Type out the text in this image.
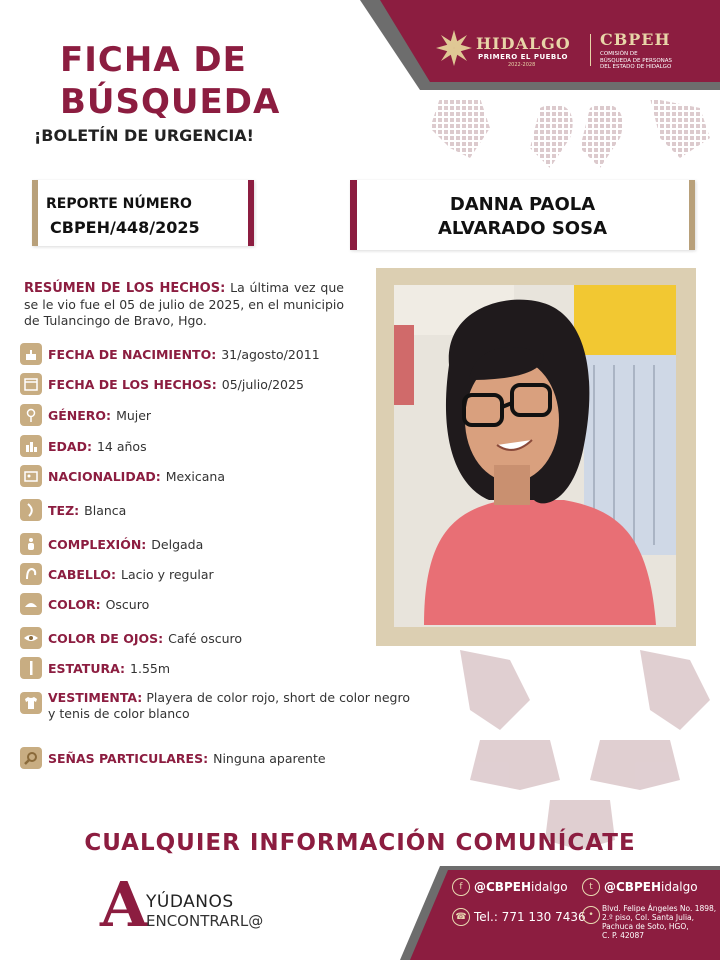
HIDALGO
PRIMERO EL PUEBLO
2022-2028
CBPEH
COMISIÓN DE
BÚSQUEDA DE PERSONAS
DEL ESTADO DE HIDALGO
FICHA DE
BÚSQUEDA
¡BOLETÍN DE URGENCIA!
REPORTE NÚMERO
CBPEH/448/2025
DANNA PAOLA
ALVARADO SOSA
RESÚMEN DE LOS HECHOS: La última vez que se le vio fue el 05 de julio de 2025, en el municipio de Tulancingo de Bravo, Hgo.
FECHA DE NACIMIENTO: 31/agosto/2011
FECHA DE LOS HECHOS: 05/julio/2025
GÉNERO: Mujer
EDAD: 14 años
NACIONALIDAD: Mexicana
TEZ: Blanca
COMPLEXIÓN: Delgada
CABELLO: Lacio y regular
COLOR: Oscuro
COLOR DE OJOS: Café oscuro
ESTATURA: 1.55m
VESTIMENTA: Playera de color rojo, short de color negro y tenis de color blanco
SEÑAS PARTICULARES: Ninguna aparente
CUALQUIER INFORMACIÓN COMUNÍCATE
A
YÚDANOS
ENCONTRARL@
f @CBPEH idalgo	t @CBPEH idalgo
☎ Tel.: 771 130 7436 •
Blvd. Felipe Ángeles No. 1898,
2.º piso, Col. Santa Julia,
Pachuca de Soto, HGO,
C. P. 42087
